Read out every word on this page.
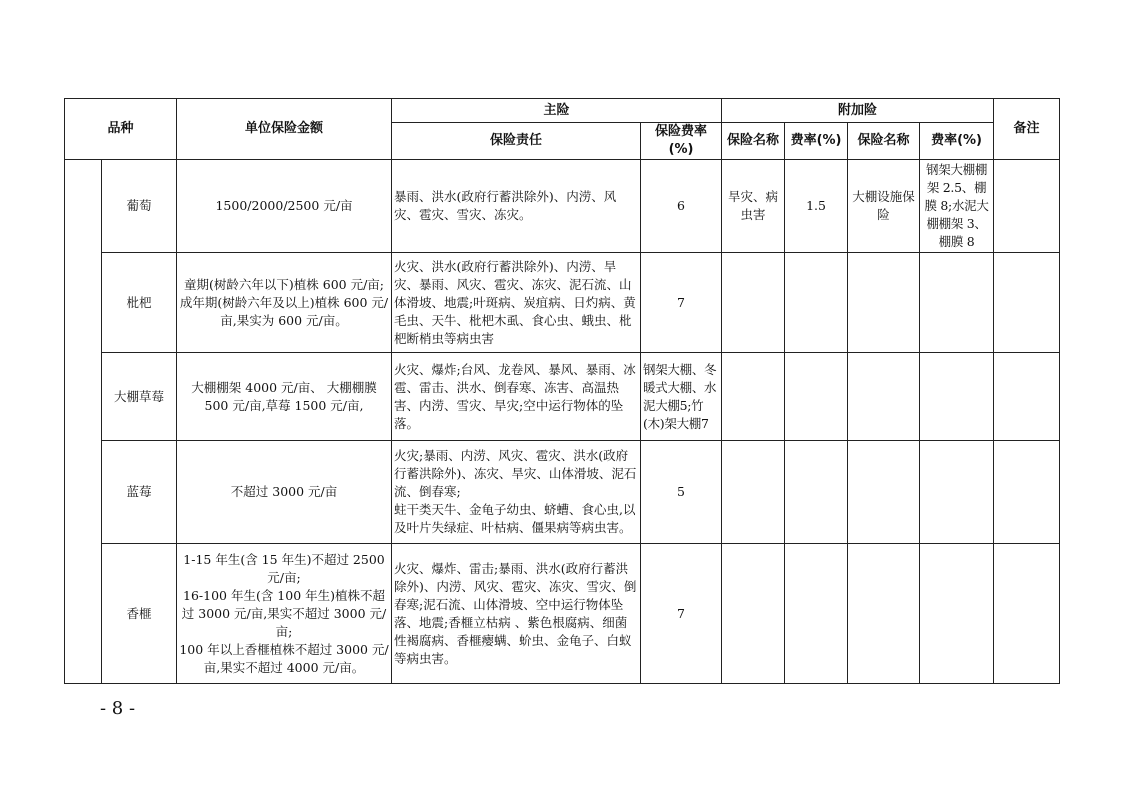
品种		单位保险金额	主险		附加险				备注
			保险责任	保险费率(%)	保险名称	费率(%)	保险名称	费率(%)	
	葡萄	1500/2000/2500 元/亩	暴雨、洪水(政府行蓄洪除外)、内涝、风灾、雹灾、雪灾、冻灾。	6	旱灾、病虫害	1.5	大棚设施保险	钢架大棚棚架 2.5、棚膜 8;水泥大棚棚架 3、棚膜 8	
	枇杷	童期(树龄六年以下)植株 600 元/亩;
成年期(树龄六年及以上)植株 600 元/亩,果实为 600 元/亩。	火灾、洪水(政府行蓄洪除外)、内涝、旱灾、暴雨、风灾、雹灾、冻灾、泥石流、山体滑坡、地震;叶斑病、炭疽病、日灼病、黄毛虫、天牛、枇杷木虱、食心虫、蛾虫、枇杷断梢虫等病虫害	7					
	大棚草莓	大棚棚架 4000 元/亩、 大棚棚膜 500 元/亩,草莓 1500 元/亩,	火灾、爆炸;台风、龙卷风、暴风、暴雨、冰雹、雷击、洪水、倒春寒、冻害、高温热害、内涝、雪灾、旱灾;空中运行物体的坠落。	钢架大棚、冬暖式大棚、水泥大棚5;竹(木)架大棚7					
	蓝莓	不超过 3000 元/亩	火灾;暴雨、内涝、风灾、雹灾、洪水(政府行蓄洪除外)、冻灾、旱灾、山体滑坡、泥石流、倒春寒;
蛀干类天牛、金龟子幼虫、蛴螬、食心虫,以及叶片失绿症、叶枯病、僵果病等病虫害。	5					
	香榧	1-15 年生(含 15 年生)不超过 2500 元/亩;
16-100 年生(含 100 年生)植株不超过 3000 元/亩,果实不超过 3000 元/亩;
100 年以上香榧植株不超过 3000 元/亩,果实不超过 4000 元/亩。	火灾、爆炸、雷击;暴雨、洪水(政府行蓄洪除外)、内涝、风灾、雹灾、冻灾、雪灾、倒春寒;泥石流、山体滑坡、空中运行物体坠落、地震;香榧立枯病 、紫色根腐病、细菌性褐腐病、香榧瘿螨、蚧虫、金龟子、白蚁等病虫害。	7					
- 8 -
